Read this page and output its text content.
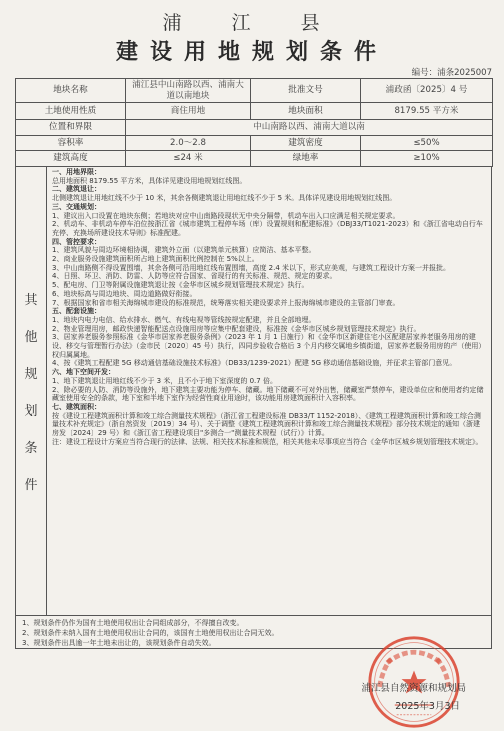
浦 江 县
建设用地规划条件
编号：浦条2025007
地块名称	浦江县中山南路以西、浦南大道以南地块	批准文号	浦政函〔2025〕4 号
土地使用性质	商住用地	地块面积	8179.55 平方米
位置和界限	中山南路以西、浦南大道以南		
容积率	2.0～2.8	建筑密度	≤50%
建筑高度	≤24 米	绿地率	≥10%
其
他
规
划
条
件

一、用地界限：

总用地面积 8179.55 平方米，具体详见建设用地规划红线图。

二、建筑退让：

北侧建筑退让用地红线不少于 10 米，其余各侧建筑退让用地红线不少于 5 米。具体详见建设用地规划红线图。

三、交通规划：

1、建议出入口设置在地块东侧；若地块对应中山南路段现状无中央分隔带，机动车出入口应满足相关规定要求。

2、机动车、非机动车停车泊位按浙江省《城市建筑工程停车场（库）设置规则和配建标准》（DBJ33/T1021-2023）和《浙江省电动自行车充停、充换场所建设技术导则》标准配建。

四、管控要求：

1、建筑风貌与周边环境相协调，建筑外立面（以建筑单元核算）应简洁、基本平整。

2、商业服务设施建筑面积所占地上建筑面积比例控制在 5%以上。

3、中山南路侧不得设置围墙，其余各侧可沿用地红线布置围墙，高度 2.4 米以下，形式应美观，与建筑工程设计方案一并报批。

4、日照、环卫、消防、防雷、人防等应符合国家、省现行的有关标准、规范、规定的要求。

5、配电房、门卫等附属设施建筑退让按《金华市区城乡规划管理技术规定》执行。

6、地块标高与周边地块、周边道路做好衔接。

7、根据国家和省市相关海绵城市建设的标准规范，统筹落实相关建设要求并上报海绵城市建设的主管部门审查。

五、配套设施：

1、地块内电力电信、给水排水、燃气、有线电视等管线按规定配建，并且全部地埋。

2、物业管理用房，邮政快递智能配送点设施用房等应集中配套建设，标准按《金华市区城乡规划管理技术规定》执行。

3、居家养老服务参照标准《金华市居家养老服务条例》（2023 年 1 月 1 日施行）和《金华市区新建住宅小区配建居家养老服务用房的建设、移交与管理暂行办法》（金市民〔2020〕45 号）执行，四同步验收合格后 3 个月内移交属地乡镇街道，居家养老服务用房的产（使用）权归属属地。

4、按《建筑工程配建 5G 移动通信基础设施技术标准》（DB33/1239-2021）配建 5G 移动通信基础设施，并征求主管部门意见。

六、地下空间开发：

1、地下建筑退让用地红线不少于 3 米，且不小于地下室深度的 0.7 倍。

2、除必要的人防、消防等设施外，地下建筑主要功能为停车、储藏。地下储藏不可对外出售，储藏室严禁停车，建设单位应和使用者约定储藏室使用安全的条款，地下室和半地下室作为经营性商业用途时，该功能用房建筑面积计入容积率。

七、建筑面积：

按《建设工程建筑面积计算和竣工综合测量技术规程》（浙江省工程建设标准 DB33/T 1152-2018）、《建筑工程建筑面积计算和竣工综合测量技术补充规定》（浙自然资发〔2019〕34 号）、关于调整《建筑工程建筑面积计算和竣工综合测量技术规程》部分技术规定的通知（浙建房发〔2024〕29 号）和《浙江省工程建设项目"多测合一"测量技术规程（试行）》计算。

注：建设工程设计方案应当符合现行的法律、法规、相关技术标准和规范，相关其他未尽事项应当符合《金华市区城乡规划管理技术规定》。

1、规划条件仍作为国有土地使用权出让合同组成部分，不得擅自改变。

2、规划条件未纳入国有土地使用权出让合同的，该国有土地使用权出让合同无效。

3、规划条件出具逾一年土地未出让的，该规划条件自动失效。

浦江县自然资源和规划局
2025年3月3日
